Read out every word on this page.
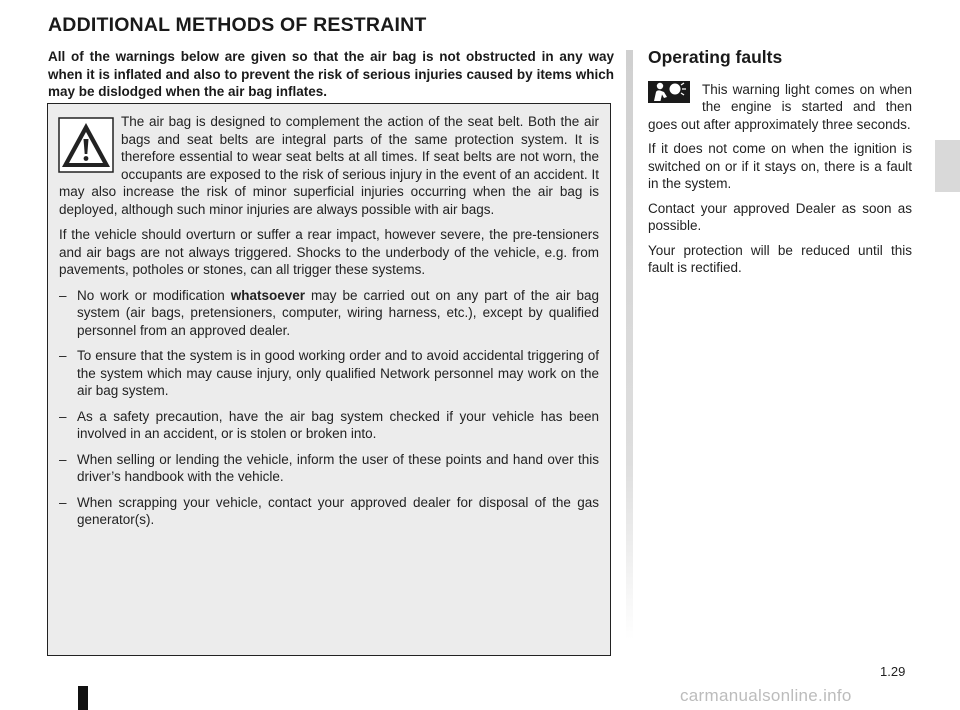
ADDITIONAL METHODS OF RESTRAINT

All of the warnings below are given so that the air bag is not obstructed in any way when it is inflated and also to prevent the risk of serious injuries caused by items which may be dislodged when the air bag inflates.

The air bag is designed to complement the action of the seat belt. Both the air bags and seat belts are integral parts of the same protection system. It is therefore essential to wear seat belts at all times. If seat belts are not worn, the occupants are exposed to the risk of serious injury in the event of an accident. It may also increase the risk of minor superficial injuries occurring when the air bag is deployed, although such minor injuries are always possible with air bags.

If the vehicle should overturn or suffer a rear impact, however severe, the pre-tensioners and air bags are not always triggered. Shocks to the underbody of the vehicle, e.g. from pavements, potholes or stones, can all trigger these systems.

– No work or modification whatsoever may be carried out on any part of the air bag system (air bags, pretensioners, computer, wiring harness, etc.), except by qualified personnel from an approved dealer.
– To ensure that the system is in good working order and to avoid accidental triggering of the system which may cause injury, only qualified Network personnel may work on the air bag system.
– As a safety precaution, have the air bag system checked if your vehicle has been involved in an accident, or is stolen or broken into.
– When selling or lending the vehicle, inform the user of these points and hand over this driver’s handbook with the vehicle.
– When scrapping your vehicle, contact your approved dealer for disposal of the gas generator(s).
Operating faults

This warning light comes on when the engine is started and then goes out after approximately three seconds.

If it does not come on when the ignition is switched on or if it stays on, there is a fault in the system.

Contact your approved Dealer as soon as possible.

Your protection will be reduced until this fault is rectified.

1.29
carmanualsonline.info
